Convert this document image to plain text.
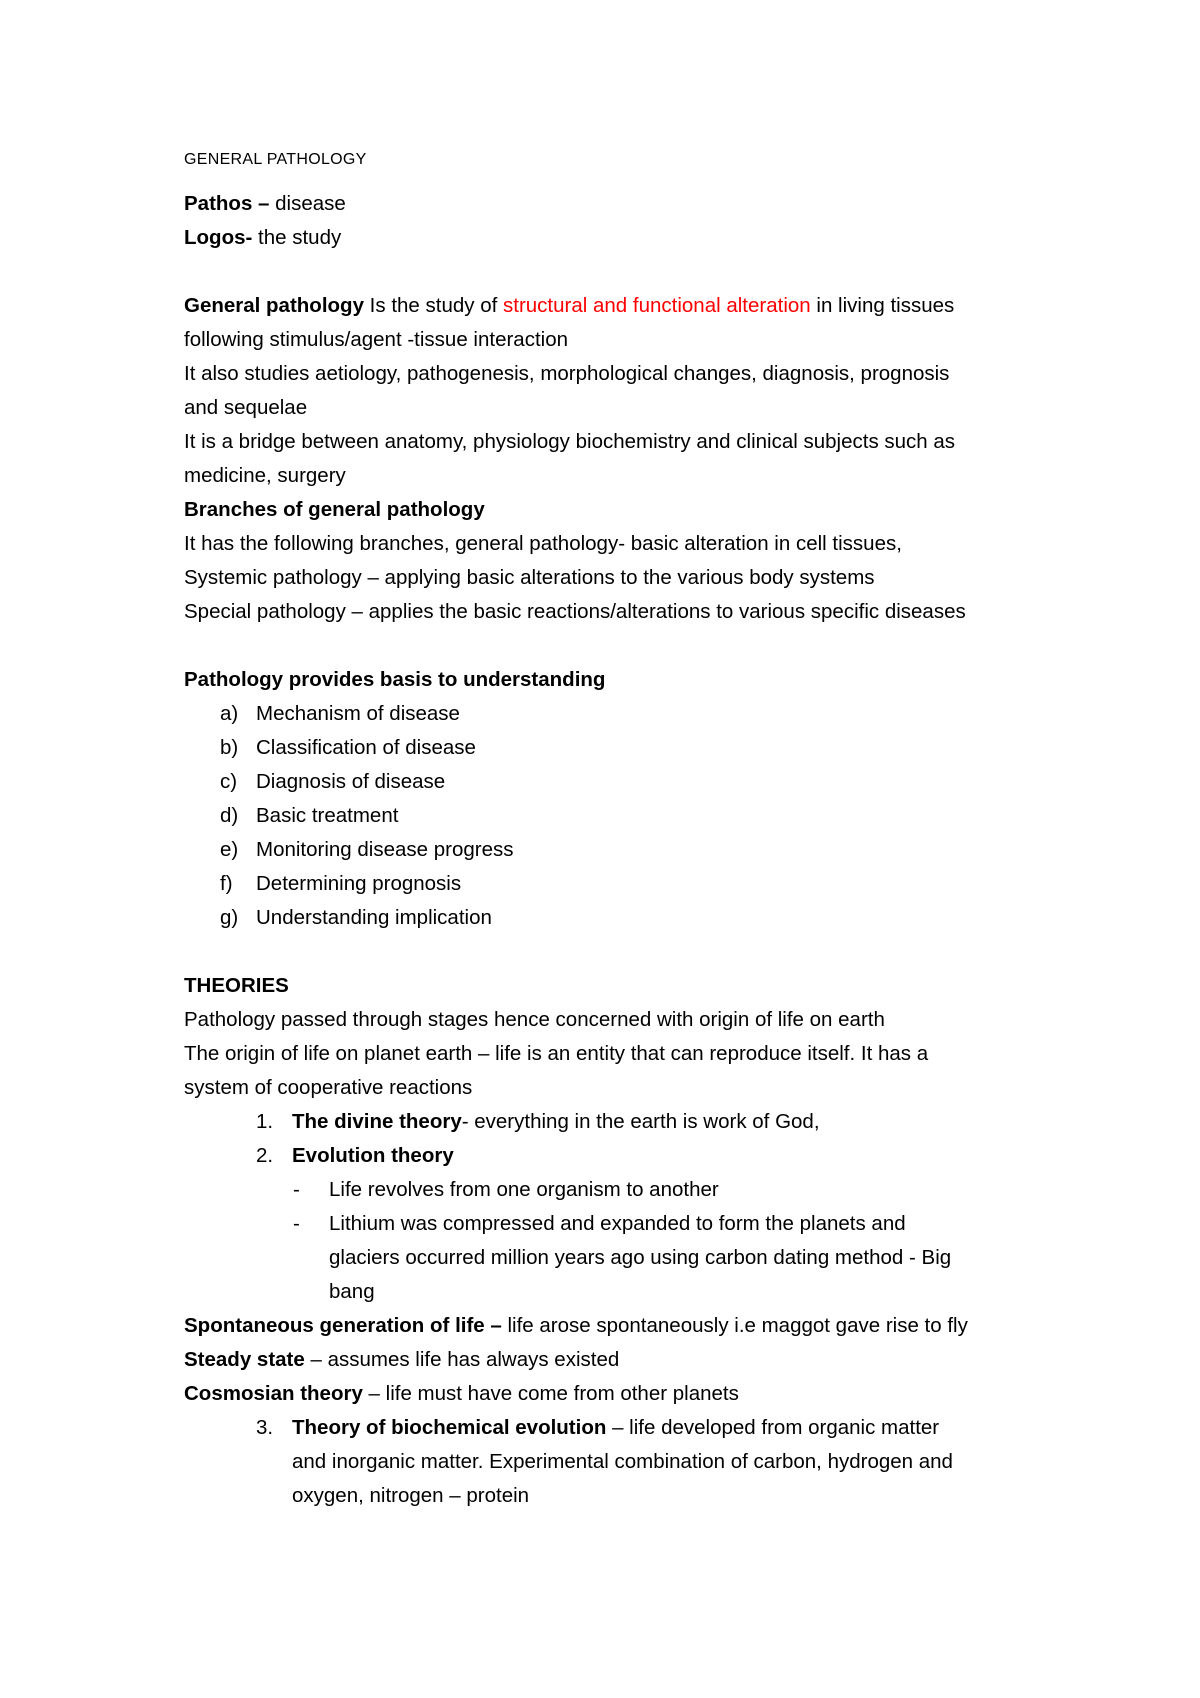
GENERAL PATHOLOGY
Pathos – disease
Logos- the study
General pathology Is the study of structural and functional alteration in living tissues
following stimulus/agent -tissue interaction
It also studies aetiology, pathogenesis, morphological changes, diagnosis, prognosis
and sequelae
It is a bridge between anatomy, physiology biochemistry and clinical subjects such as
medicine, surgery
Branches of general pathology
It has the following branches, general pathology- basic alteration in cell tissues,
Systemic pathology – applying basic alterations to the various body systems
Special pathology – applies the basic reactions/alterations to various specific diseases
Pathology provides basis to understanding
a) Mechanism of disease
b) Classification of disease
c) Diagnosis of disease
d) Basic treatment
e) Monitoring disease progress
f) Determining prognosis
g) Understanding implication
THEORIES
Pathology passed through stages hence concerned with origin of life on earth
The origin of life on planet earth – life is an entity that can reproduce itself. It has a
system of cooperative reactions
1. The divine theory- everything in the earth is work of God,
2. Evolution theory
- Life revolves from one organism to another
- Lithium was compressed and expanded to form the planets and
glaciers occurred million years ago using carbon dating method - Big
bang
Spontaneous generation of life – life arose spontaneously i.e maggot gave rise to fly
Steady state – assumes life has always existed
Cosmosian theory – life must have come from other planets
3. Theory of biochemical evolution – life developed from organic matter
and inorganic matter. Experimental combination of carbon, hydrogen and
oxygen, nitrogen – protein
